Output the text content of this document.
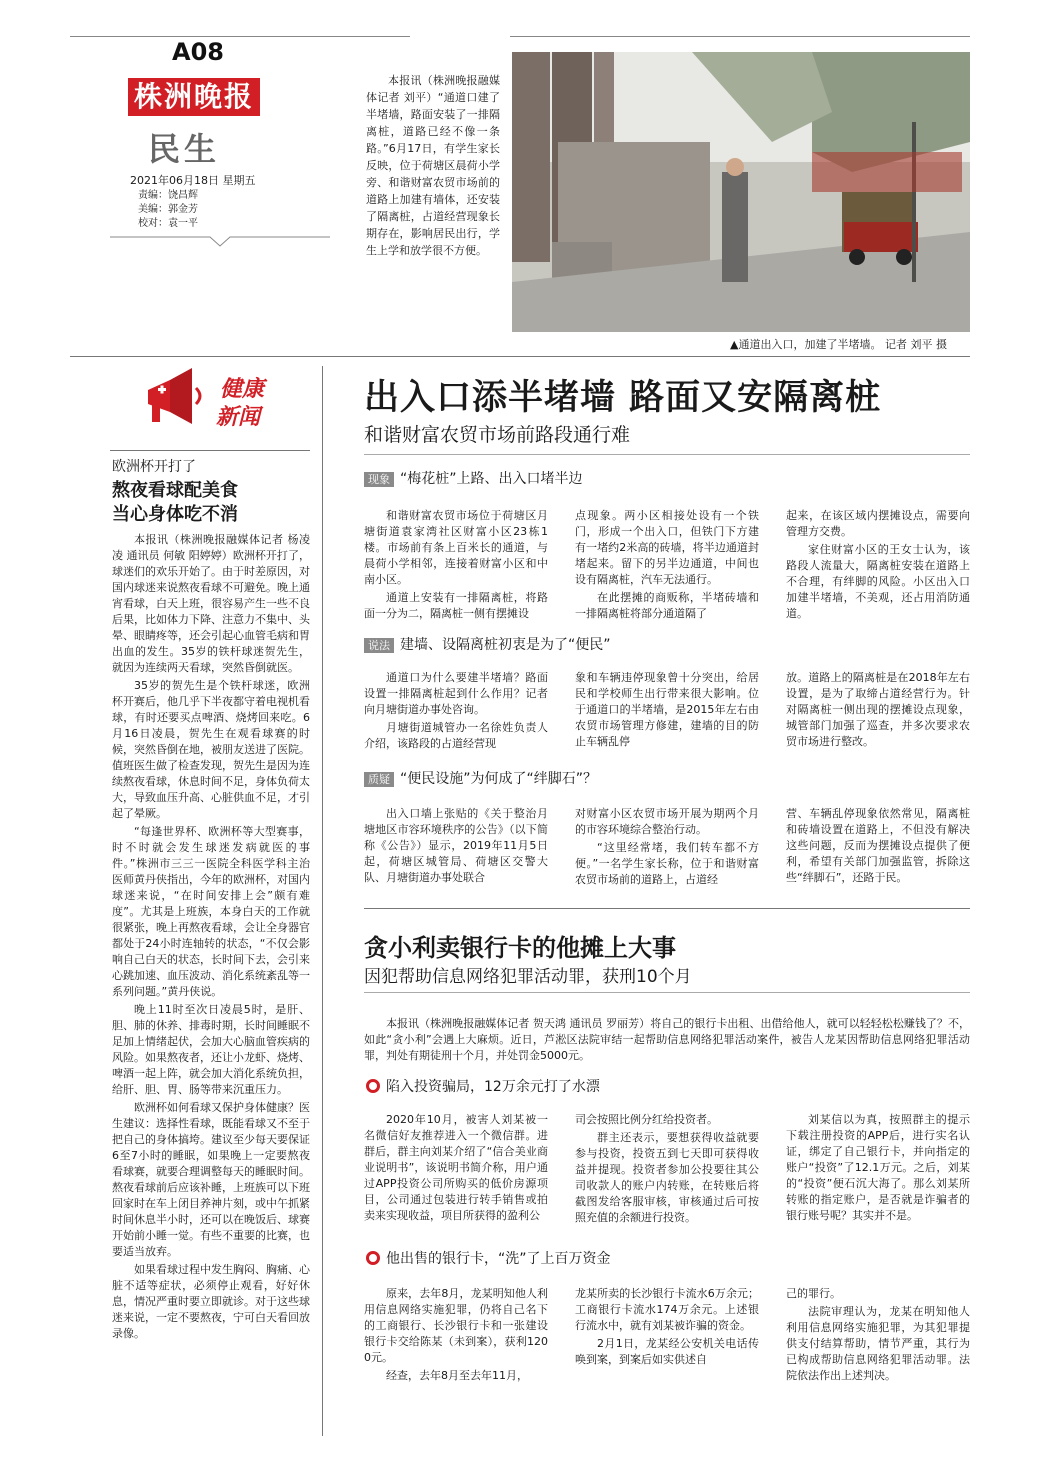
A08
株洲晚报
民生
2021年06月18日 星期五
责编：饶昌辉
美编：郭金芳
校对：袁一平

本报讯（株洲晚报融媒体记者 刘平）“通道口建了半堵墙，路面安装了一排隔离桩，道路已经不像一条路。”6月17日，有学生家长反映，位于荷塘区晨荷小学旁、和谐财富农贸市场前的道路上加建有墙体，还安装了隔离桩，占道经营现象长期存在，影响居民出行，学生上学和放学很不方便。

▲通道出入口，加建了半堵墙。 记者 刘平 摄
健康
新闻
欧洲杯开打了
熬夜看球配美食
当心身体吃不消

本报讯（株洲晚报融媒体记者 杨凌凌 通讯员 何敏 阳婷婷）欧洲杯开打了，球迷们的欢乐开始了。由于时差原因，对国内球迷来说熬夜看球不可避免。晚上通宵看球，白天上班，很容易产生一些不良后果，比如体力下降、注意力不集中、头晕、眼睛疼等，还会引起心血管毛病和胃出血的发生。35岁的铁杆球迷贺先生，就因为连续两天看球，突然昏倒就医。

35岁的贺先生是个铁杆球迷，欧洲杯开赛后，他几乎下半夜都守着电视机看球，有时还要买点啤酒、烧烤回来吃。6月16日凌晨，贺先生在观看球赛的时候，突然昏倒在地，被朋友送进了医院。值班医生做了检查发现，贺先生是因为连续熬夜看球，休息时间不足，身体负荷太大，导致血压升高、心脏供血不足，才引起了晕厥。

“每逢世界杯、欧洲杯等大型赛事，时不时就会发生球迷发病就医的事件。”株洲市三三一医院全科医学科主治医师黄丹侠指出，今年的欧洲杯，对国内球迷来说，“在时间安排上会”颇有难度”。尤其是上班族，本身白天的工作就很紧张，晚上再熬夜看球，会让全身器官都处于24小时连轴转的状态，“不仅会影响自己白天的状态，长时间下去，会引来心跳加速、血压波动、消化系统紊乱等一系列问题。”黄丹侠说。

晚上11时至次日凌晨5时，是肝、胆、肺的休养、排毒时期，长时间睡眠不足加上情绪起伏，会加大心脑血管疾病的风险。如果熬夜者，还让小龙虾、烧烤、啤酒一起上阵，就会加大消化系统负担，给肝、胆、胃、肠等带来沉重压力。

欧洲杯如何看球又保护身体健康？医生建议：选择性看球，既能看球又不至于把自己的身体搞垮。建议至少每天要保证6至7小时的睡眠，如果晚上一定要熬夜看球赛，就要合理调整每天的睡眠时间。熬夜看球前后应该补睡，上班族可以下班回家时在车上闭目养神片刻，或中午抓紧时间休息半小时，还可以在晚饭后、球赛开始前小睡一觉。有些不重要的比赛，也要适当放弃。

如果看球过程中发生胸闷、胸痛、心脏不适等症状，必须停止观看，好好休息，情况严重时要立即就诊。对于这些球迷来说，一定不要熬夜，宁可白天看回放录像。

出入口添半堵墙 路面又安隔离桩
和谐财富农贸市场前路段通行难
现象 “梅花桩”上路、出入口堵半边

和谐财富农贸市场位于荷塘区月塘街道袁家湾社区财富小区23栋1楼。市场前有条上百米长的通道，与晨荷小学相邻，连接着财富小区和中南小区。

通道上安装有一排隔离桩，将路面一分为二，隔离桩一侧有摆摊设

点现象。两小区相接处设有一个铁门，形成一个出入口，但铁门下方建有一堵约2米高的砖墙，将半边通道封堵起来。留下的另半边通道，中间也设有隔离桩，汽车无法通行。

在此摆摊的商贩称，半堵砖墙和一排隔离桩将部分通道隔了

起来，在该区域内摆摊设点，需要向管理方交费。

家住财富小区的王女士认为，该路段人流量大，隔离桩安装在道路上不合理，有绊脚的风险。小区出入口加建半堵墙，不美观，还占用消防通道。

说法 建墙、设隔离桩初衷是为了“便民”

通道口为什么要建半堵墙？路面设置一排隔离桩起到什么作用？记者向月塘街道办事处咨询。

月塘街道城管办一名徐姓负责人介绍，该路段的占道经营现

象和车辆违停现象曾十分突出，给居民和学校师生出行带来很大影响。位于通道口的半堵墙，是2015年左右由农贸市场管理方修建，建墙的目的防止车辆乱停

放。道路上的隔离桩是在2018年左右设置，是为了取缔占道经营行为。针对隔离桩一侧出现的摆摊设点现象，城管部门加强了巡查，并多次要求农贸市场进行整改。

质疑 “便民设施”为何成了“绊脚石”？

出入口墙上张贴的《关于整治月塘地区市容环境秩序的公告》（以下简称《公告》）显示，2019年11月5日起，荷塘区城管局、荷塘区交警大队、月塘街道办事处联合

对财富小区农贸市场开展为期两个月的市容环境综合整治行动。

“这里经常堵，我们转车都不方便。”一名学生家长称，位于和谐财富农贸市场前的道路上，占道经

营、车辆乱停现象依然常见，隔离桩和砖墙设置在道路上，不但没有解决这些问题，反而为摆摊设点提供了便利，希望有关部门加强监管，拆除这些“绊脚石”，还路于民。

贪小利卖银行卡的他摊上大事
因犯帮助信息网络犯罪活动罪，获刑10个月

本报讯（株洲晚报融媒体记者 贺天鸿 通讯员 罗丽芳）将自己的银行卡出租、出借给他人，就可以轻轻松松赚钱了？不，如此“贪小利”会遇上大麻烦。近日，芦淞区法院审结一起帮助信息网络犯罪活动案件，被告人龙某因帮助信息网络犯罪活动罪，判处有期徒刑十个月，并处罚金5000元。

陷入投资骗局，12万余元打了水漂

2020年10月，被害人刘某被一名微信好友推荐进入一个微信群。进群后，群主向刘某介绍了“信合美业商业说明书”，该说明书简介称，用户通过APP投资公司所购买的低价房源项目，公司通过包装进行转手销售或拍卖来实现收益，项目所获得的盈利公

司会按照比例分红给投资者。

群主还表示，要想获得收益就要参与投资，投资五到七天即可获得收益并提现。投资者参加公投要往其公司收款人的账户内转账，在转账后将截图发给客服审核，审核通过后可按照充值的余额进行投资。

刘某信以为真，按照群主的提示下载注册投资的APP后，进行实名认证，绑定了自己银行卡，并向指定的账户“投资”了12.1万元。之后，刘某的“投资”便石沉大海了。那么刘某所转账的指定账户，是否就是诈骗者的银行账号呢？其实并不是。

他出售的银行卡，“洗”了上百万资金

原来，去年8月，龙某明知他人利用信息网络实施犯罪，仍将自己名下的工商银行、长沙银行卡和一张建设银行卡交给陈某（未到案），获利1200元。

经查，去年8月至去年11月，

龙某所卖的长沙银行卡流水6万余元；工商银行卡流水174万余元。上述银行流水中，就有刘某被诈骗的资金。

2月1日，龙某经公安机关电话传唤到案，到案后如实供述自

己的罪行。

法院审理认为，龙某在明知他人利用信息网络实施犯罪，为其犯罪提供支付结算帮助，情节严重，其行为已构成帮助信息网络犯罪活动罪。法院依法作出上述判决。
